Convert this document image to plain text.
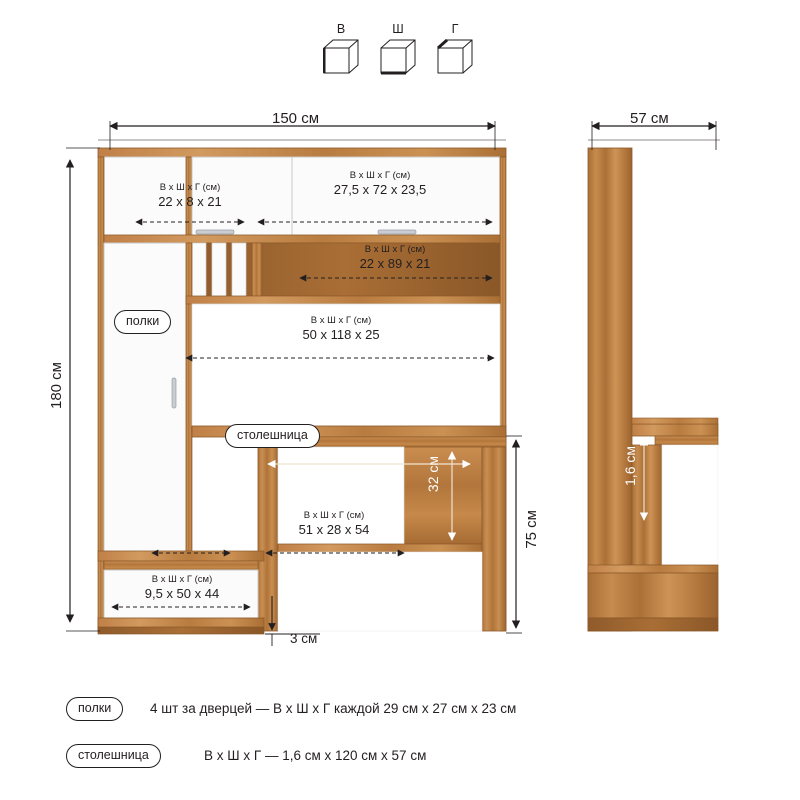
В	Ш	Г
150 см
180 см
57 см
75 см
3 см
В х Ш х Г (см)
22 x 8 x 21
В х Ш х Г (см)
27,5 x 72 x 23,5
В х Ш х Г (см)
22 x 89 x 21
В х Ш х Г (см)
50 x 118 x 25
В х Ш х Г (см)
51 x 28 x 54
В х Ш х Г (см)
9,5 x 50 x 44
90 см	32 см	1,6 см
полки
столешница
полки	4 шт за дверцей — В х Ш х Г каждой 29 см х 27 см х 23 см
столешница	В х Ш х Г — 1,6 см х 120 см х 57 см
